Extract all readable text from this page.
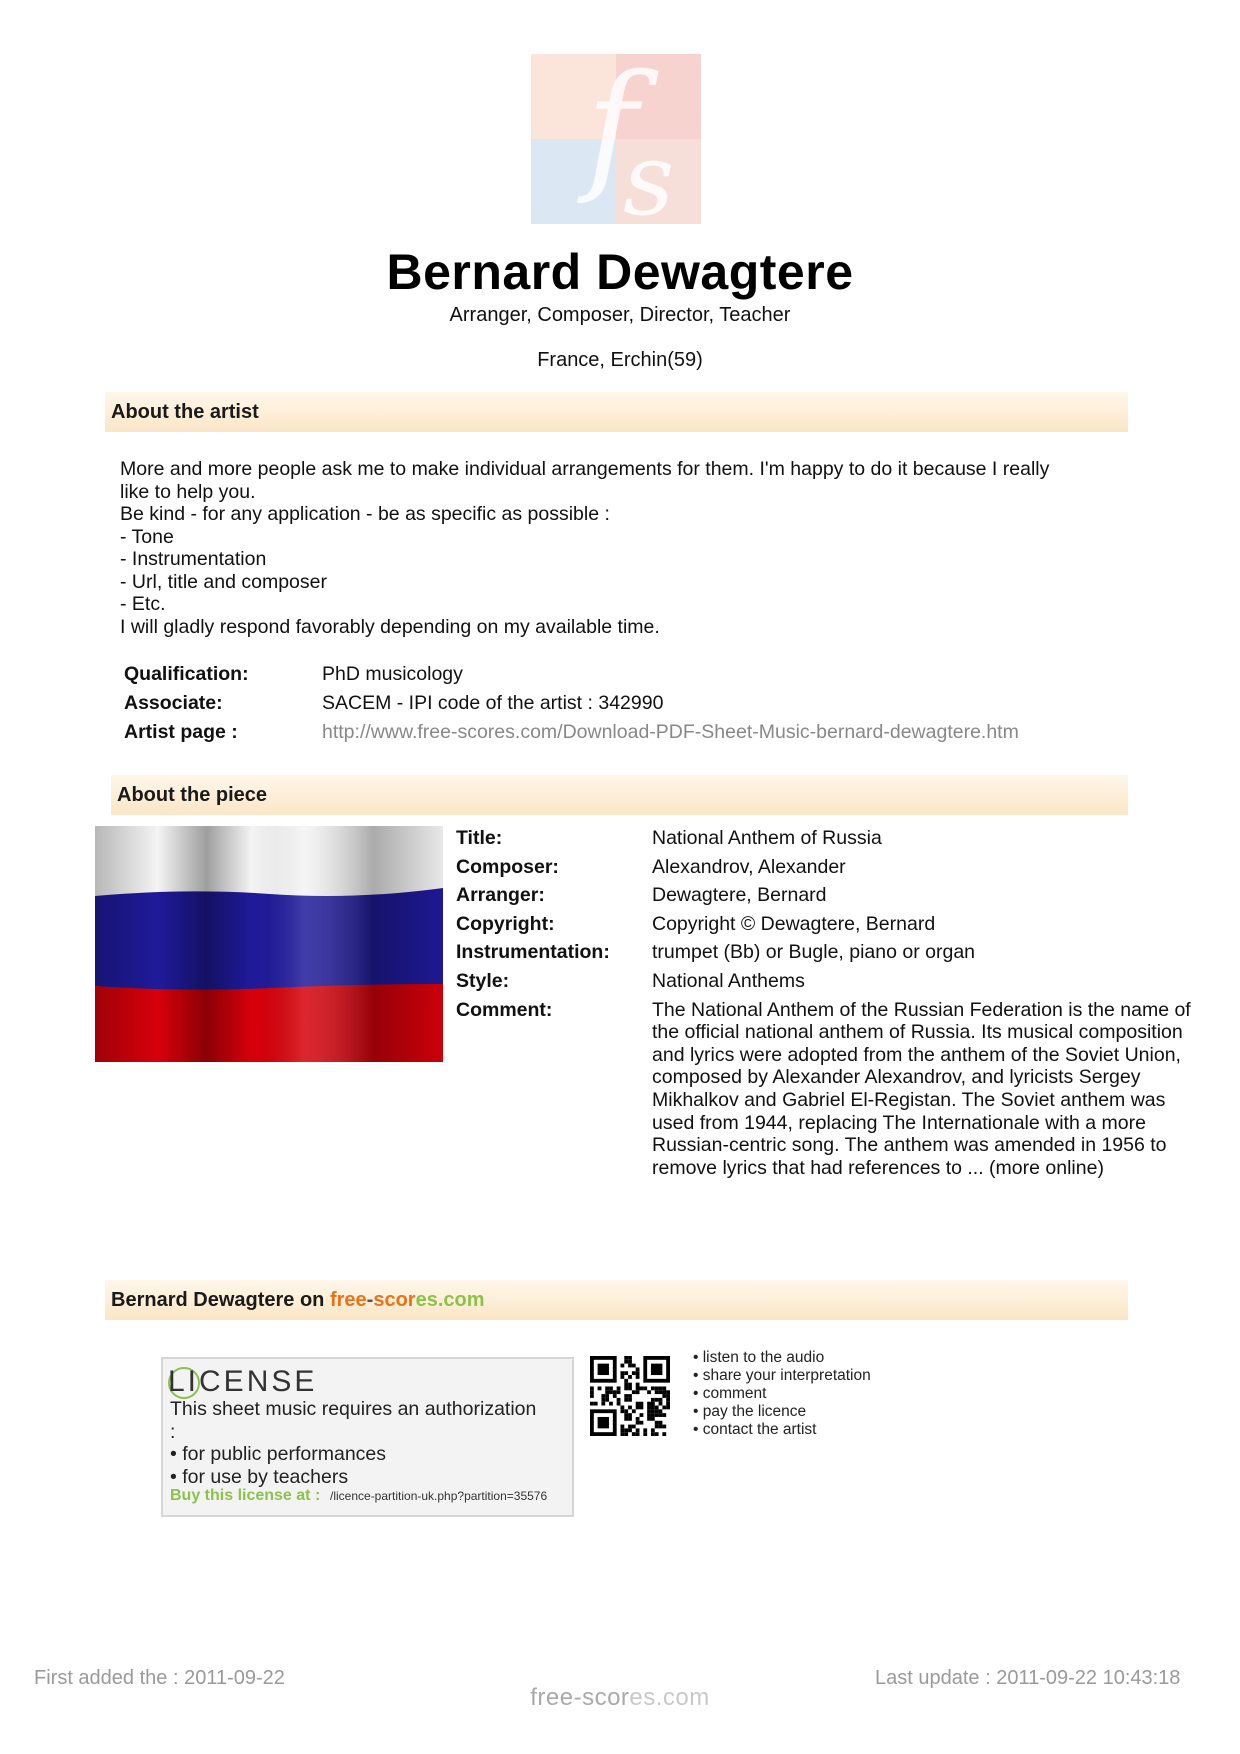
f
s
Bernard Dewagtere
Arranger, Composer, Director, Teacher
France, Erchin(59)
About the artist
More and more people ask me to make individual arrangements for them. I'm happy to do it because I really
like to help you.
Be kind - for any application - be as specific as possible :
- Tone
- Instrumentation
- Url, title and composer
- Etc.
I will gladly respond favorably depending on my available time.
Qualification:
Associate:
Artist page :
PhD musicology
SACEM - IPI code of the artist : 342990
http://www.free-scores.com/Download-PDF-Sheet-Music-bernard-dewagtere.htm
About the piece
Title:
Composer:
Arranger:
Copyright:
Instrumentation:
Style:
Comment:
National Anthem of Russia
Alexandrov, Alexander
Dewagtere, Bernard
Copyright © Dewagtere, Bernard
trumpet (Bb) or Bugle, piano or organ
National Anthems
The National Anthem of the Russian Federation is the name of
the official national anthem of Russia. Its musical composition
and lyrics were adopted from the anthem of the Soviet Union,
composed by Alexander Alexandrov, and lyricists Sergey
Mikhalkov and Gabriel El-Registan. The Soviet anthem was
used from 1944, replacing The Internationale with a more
Russian-centric song. The anthem was amended in 1956 to
remove lyrics that had references to ... (more online)
Bernard Dewagtere on free-scores.com
LICENSE
This sheet music requires an authorization
:
• for public performances
• for use by teachers
Buy this license at : /licence-partition-uk.php?partition=35576
• listen to the audio
• share your interpretation
• comment
• pay the licence
• contact the artist
First added the : 2011-09-22	Last update : 2011-09-22 10:43:18
free-scores.com
